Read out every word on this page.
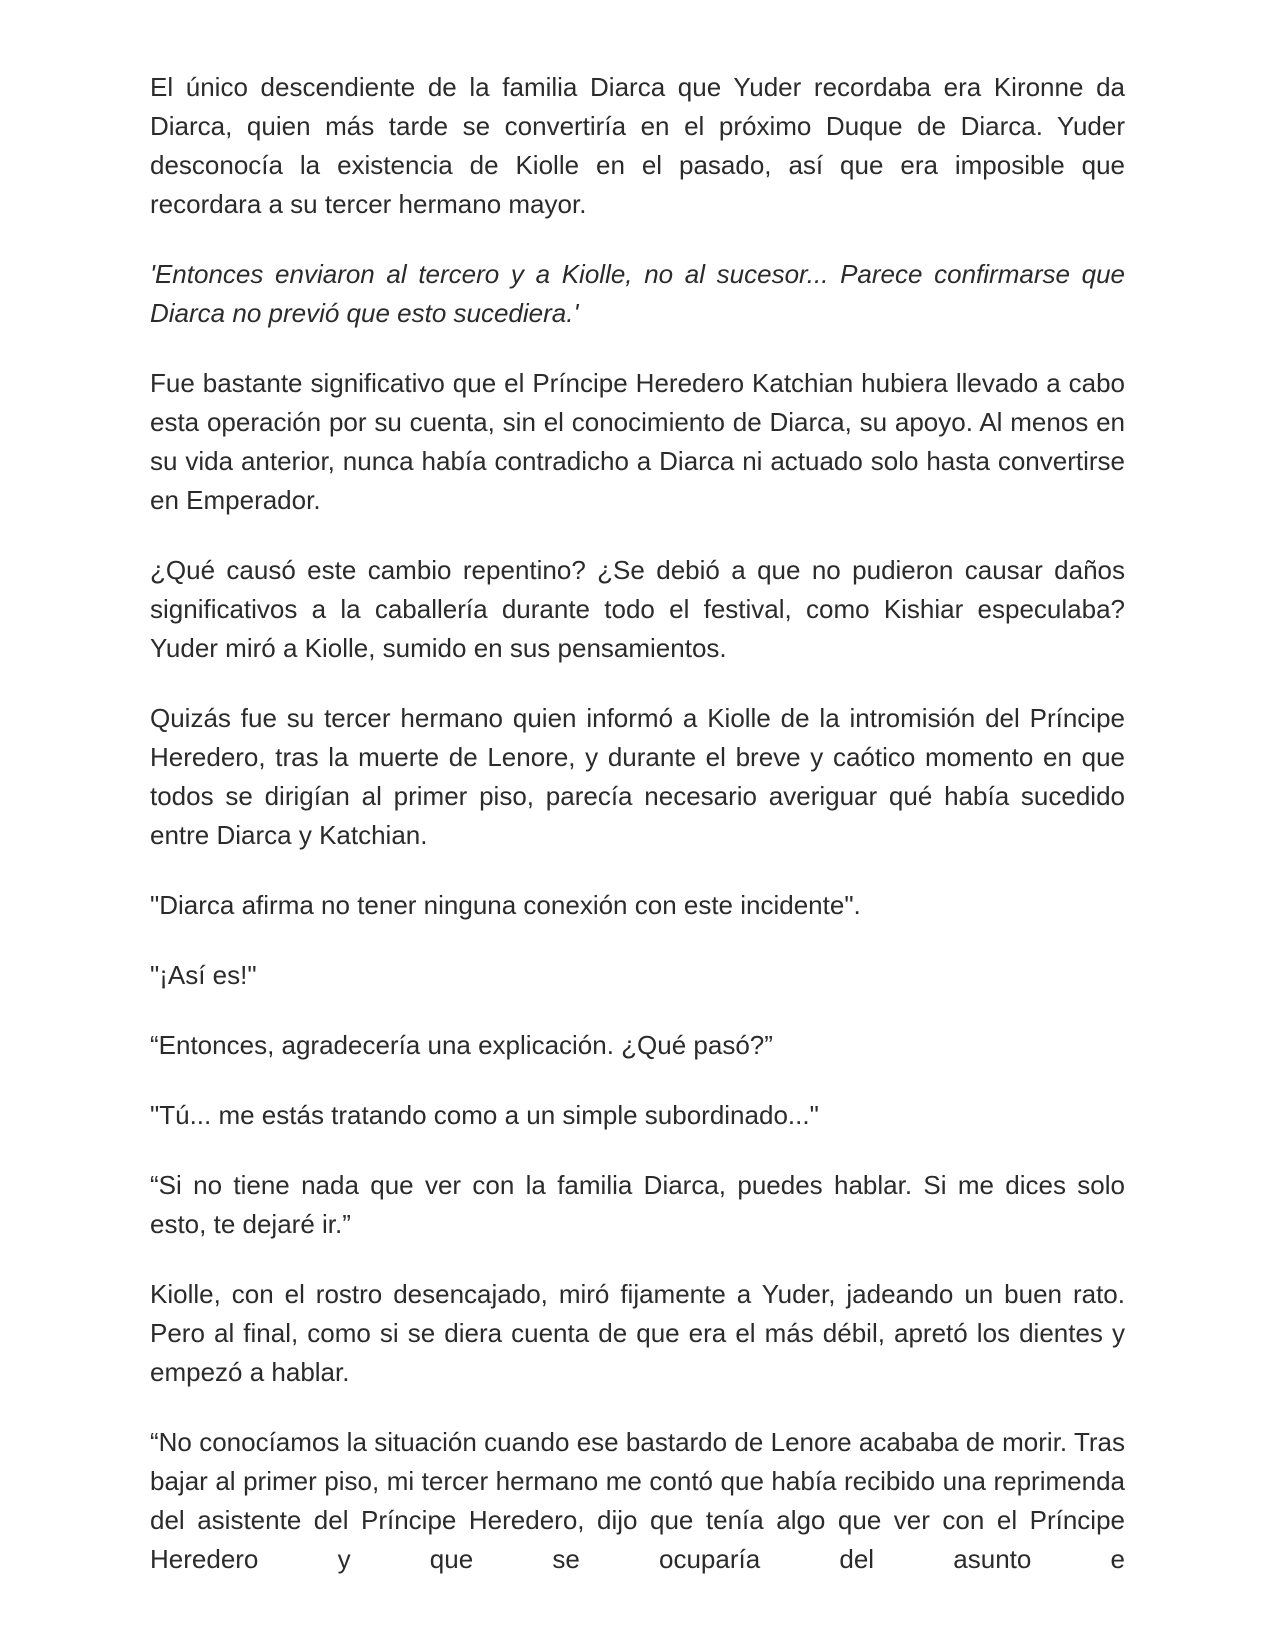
El único descendiente de la familia Diarca que Yuder recordaba era Kironne da Diarca, quien más tarde se convertiría en el próximo Duque de Diarca. Yuder desconocía la existencia de Kiolle en el pasado, así que era imposible que recordara a su tercer hermano mayor.

'Entonces enviaron al tercero y a Kiolle, no al sucesor... Parece confirmarse que Diarca no previó que esto sucediera.'

Fue bastante significativo que el Príncipe Heredero Katchian hubiera llevado a cabo esta operación por su cuenta, sin el conocimiento de Diarca, su apoyo. Al menos en su vida anterior, nunca había contradicho a Diarca ni actuado solo hasta convertirse en Emperador.

¿Qué causó este cambio repentino? ¿Se debió a que no pudieron causar daños significativos a la caballería durante todo el festival, como Kishiar especulaba? Yuder miró a Kiolle, sumido en sus pensamientos.

Quizás fue su tercer hermano quien informó a Kiolle de la intromisión del Príncipe Heredero, tras la muerte de Lenore, y durante el breve y caótico momento en que todos se dirigían al primer piso, parecía necesario averiguar qué había sucedido entre Diarca y Katchian.

"Diarca afirma no tener ninguna conexión con este incidente".

"¡Así es!"

“Entonces, agradecería una explicación. ¿Qué pasó?”

"Tú... me estás tratando como a un simple subordinado..."

“Si no tiene nada que ver con la familia Diarca, puedes hablar. Si me dices solo esto, te dejaré ir.”

Kiolle, con el rostro desencajado, miró fijamente a Yuder, jadeando un buen rato. Pero al final, como si se diera cuenta de que era el más débil, apretó los dientes y empezó a hablar.

“No conocíamos la situación cuando ese bastardo de Lenore acababa de morir. Tras bajar al primer piso, mi tercer hermano me contó que había recibido una reprimenda del asistente del Príncipe Heredero, dijo que tenía algo que ver con el Príncipe Heredero y que se ocuparía del asunto e
